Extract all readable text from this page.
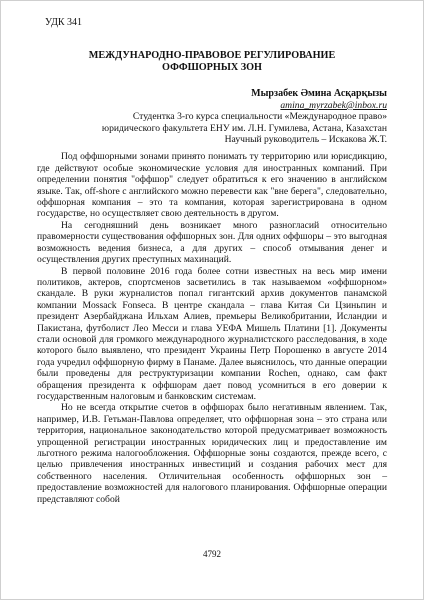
УДК 341
МЕЖДУНАРОДНО-ПРАВОВОЕ РЕГУЛИРОВАНИЕ
ОФФШОРНЫХ ЗОН
Мырзабек Әмина Асқарқызы
amina_myrzabek@inbox.ru
Студентка 3-го курса специальности «Международное право»
юридического факультета ЕНУ им. Л.Н. Гумилева, Астана, Казахстан
Научный руководитель – Искакова Ж.Т.

Под оффшорными зонами принято понимать ту территорию или юрисдикцию, где действуют особые экономические условия для иностранных компаний. При определении понятия "оффшор" следует обратиться к его значению в английском языке. Так, off-shore с английского можно перевести как "вне берега", следовательно, оффшорная компания – это та компания, которая зарегистрирована в одном государстве, но осуществляет свою деятельность в другом.

На сегодняшний день возникает много разногласий относительно правомерности существования оффшорных зон. Для одних оффшоры – это выгодная возможность ведения бизнеса, а для других – способ отмывания денег и осуществления других преступных махинаций.

В первой половине 2016 года более сотни известных на весь мир имени политиков, актеров, спортсменов засветились в так называемом «оффшорном» скандале. В руки журналистов попал гигантский архив документов панамской компании Mossack Fonseca. В центре скандала – глава Китая Си Цзиньпин и президент Азербайджана Ильхам Алиев, премьеры Великобритании, Исландии и Пакистана, футболист Лео Месси и глава УЕФА Мишель Платини [1]. Документы стали основой для громкого международного журналистского расследования, в ходе которого было выявлено, что президент Украины Петр Порошенко в августе 2014 года учредил оффшорную фирму в Панаме. Далее выяснилось, что данные операции были проведены для реструктуризации компании Rochen, однако, сам факт обращения президента к оффшорам дает повод усомниться в его доверии к государственным налоговым и банковским системам.

Но не всегда открытие счетов в оффшорах было негативным явлением. Так, например, И.В. Гетьман-Павлова определяет, что оффшорная зона – это страна или территория, национальное законодательство которой предусматривает возможность упрощенной регистрации иностранных юридических лиц и предоставление им льготного режима налогообложения. Оффшорные зоны создаются, прежде всего, с целью привлечения иностранных инвестиций и создания рабочих мест для собственного населения. Отличительная особенность оффшорных зон – предоставление возможностей для налогового планирования. Оффшорные операции представляют собой

4792
